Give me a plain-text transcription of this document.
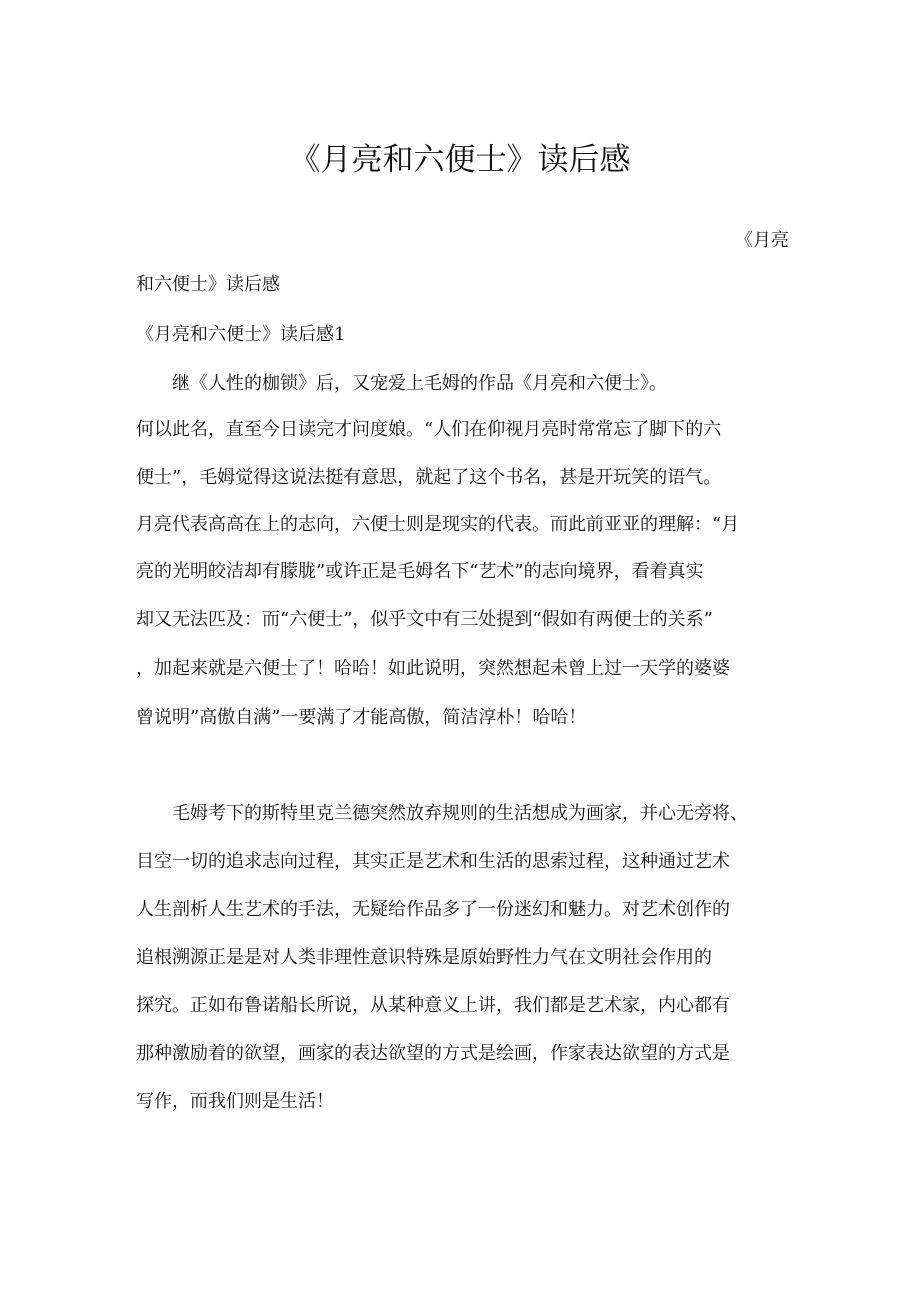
《月亮和六便士》读后感
《月亮
和六便士》读后感
《月亮和六便士》读后感1
继《人性的枷锁》后，又宠爱上毛姆的作品《月亮和六便士》。
何以此名，直至今日读完才问度娘。“人们在仰视月亮时常常忘了脚下的六
便士”，毛姆觉得这说法挺有意思，就起了这个书名，甚是开玩笑的语气。
月亮代表高高在上的志向，六便士则是现实的代表。而此前亚亚的理解：“月
亮的光明皎洁却有朦胧”或许正是毛姆名下“艺术”的志向境界，看着真实
却又无法匹及：而“六便士”，似乎文中有三处提到“假如有两便士的关系”
，加起来就是六便士了！哈哈！如此说明，突然想起未曾上过一天学的婆婆
曾说明”高傲自满”一要满了才能高傲，简洁淳朴！哈哈！
毛姆考下的斯特里克兰德突然放弃规则的生活想成为画家，并心无旁将、
目空一切的追求志向过程，其实正是艺术和生活的思索过程，这种通过艺术
人生剖析人生艺术的手法，无疑给作品多了一份迷幻和魅力。对艺术创作的
追根溯源正是是对人类非理性意识特殊是原始野性力气在文明社会作用的
探究。正如布鲁诺船长所说，从某种意义上讲，我们都是艺术家，内心都有
那种激励着的欲望，画家的表达欲望的方式是绘画，作家表达欲望的方式是
写作，而我们则是生活！
